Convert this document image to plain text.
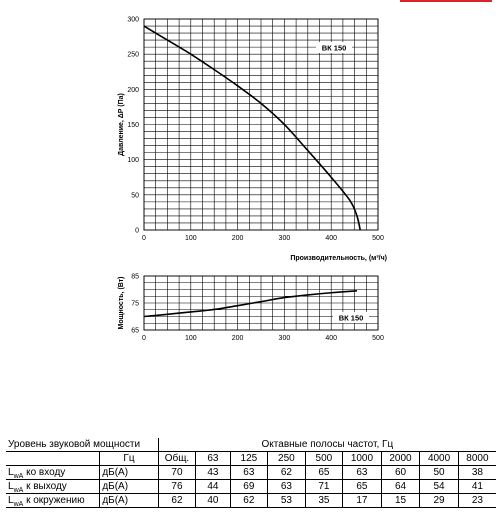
0	100	200	300	400	500
0
50
100
150
200
250
300
Давление, ΔP (Па)
Производительность, (м³/ч)
ВК 150
0	100	200	300	400	500
65
75
85
Мощность, (Вт)	ВК 150
Уровень звуковой мощности		Октавные полосы частот, Гц								
	Гц	Общ.	63	125	250	500	1000	2000	4000	8000
$L_{wA}$ ко входу	дБ(A)	70	43	63	62	65	63	60	50	38
$L_{wA}$ к выходу	дБ(A)	76	44	69	63	71	65	64	54	41
$L_{wA}$ к окружению	дБ(A)	62	40	62	53	35	17	15	29	23
